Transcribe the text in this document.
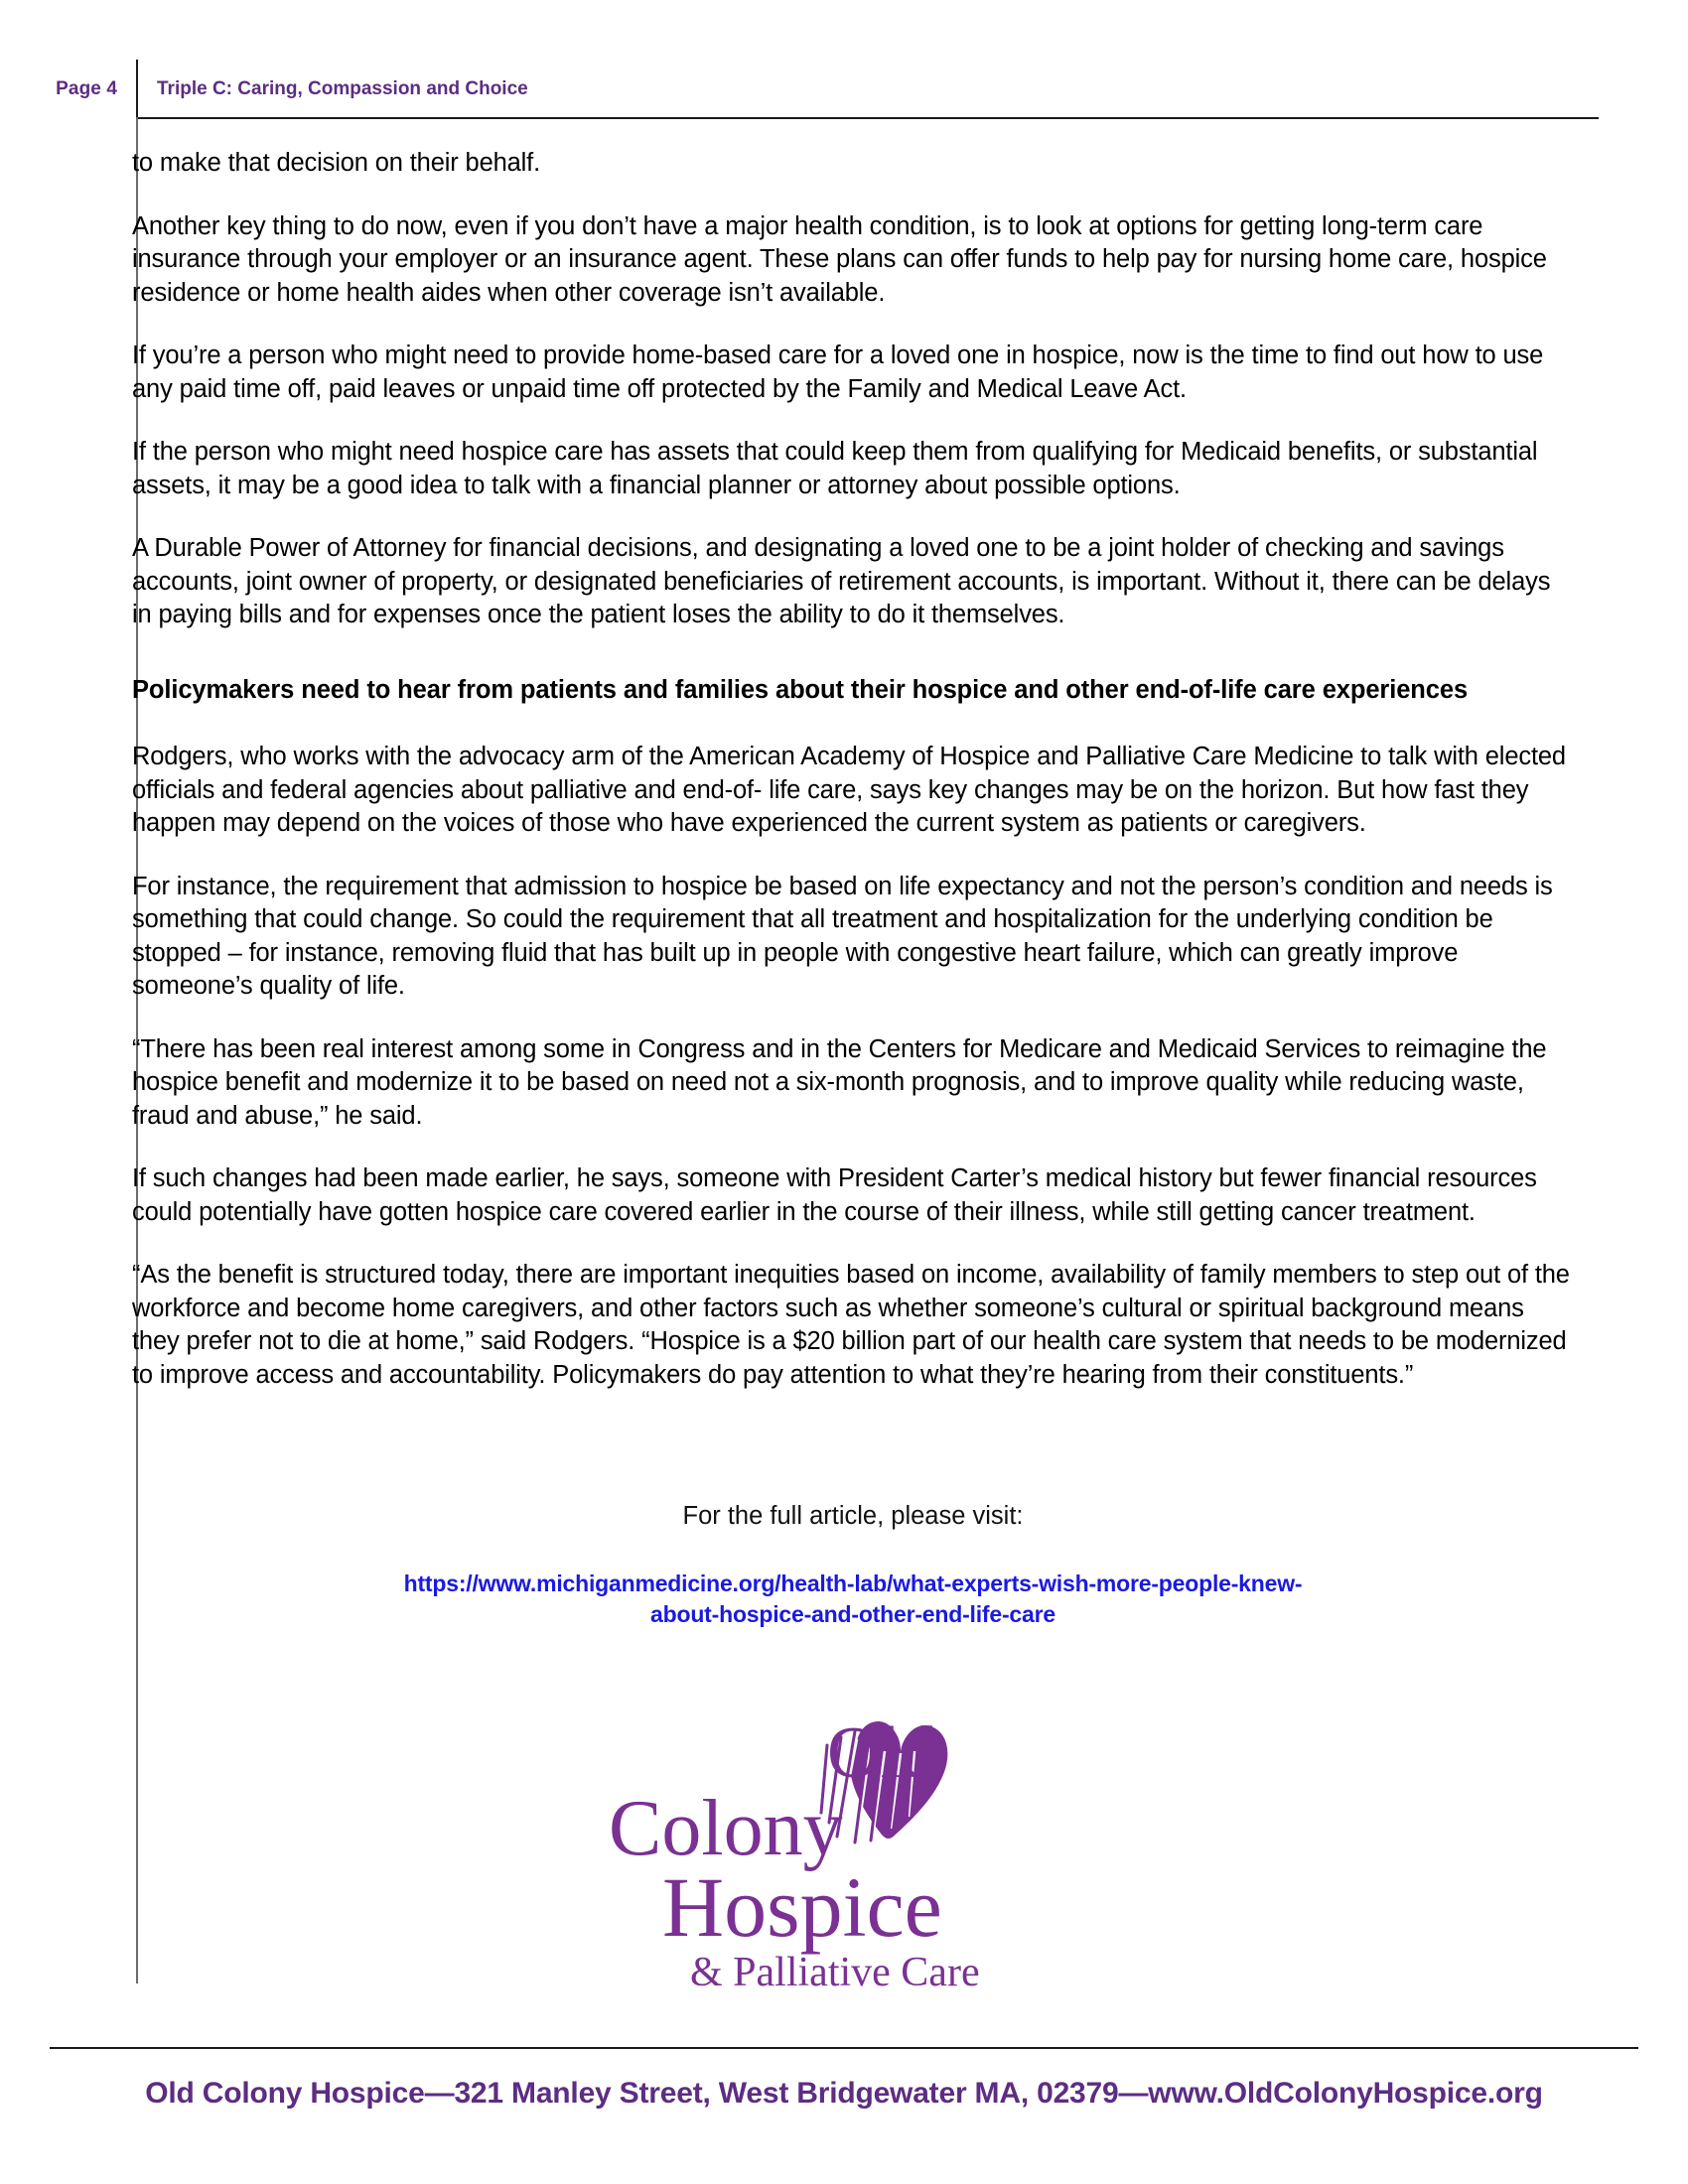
Page 4 Triple C: Caring, Compassion and Choice

to make that decision on their behalf.

Another key thing to do now, even if you don’t have a major health condition, is to look at options for getting long-term care insurance through your employer or an insurance agent. These plans can offer funds to help pay for nursing home care, hospice residence or home health aides when other coverage isn’t available.

If you’re a person who might need to provide home-based care for a loved one in hospice, now is the time to find out how to use any paid time off, paid leaves or unpaid time off protected by the Family and Medical Leave Act.

If the person who might need hospice care has assets that could keep them from qualifying for Medicaid benefits, or substantial assets, it may be a good idea to talk with a financial planner or attorney about possible options.

A Durable Power of Attorney for financial decisions, and designating a loved one to be a joint holder of checking and savings accounts, joint owner of property, or designated beneficiaries of retirement accounts, is important. Without it, there can be delays in paying bills and for expenses once the patient loses the ability to do it themselves.

Policymakers need to hear from patients and families about their hospice and other end-of-life care experiences

Rodgers, who works with the advocacy arm of the American Academy of Hospice and Palliative Care Medicine to talk with elected officials and federal agencies about palliative and end-of- life care, says key changes may be on the horizon. But how fast they happen may depend on the voices of those who have experienced the current system as patients or caregivers.

For instance, the requirement that admission to hospice be based on life expectancy and not the person’s condition and needs is something that could change. So could the requirement that all treatment and hospitalization for the underlying condition be stopped – for instance, removing fluid that has built up in people with congestive heart failure, which can greatly improve someone’s quality of life.

“There has been real interest among some in Congress and in the Centers for Medicare and Medicaid Services to reimagine the hospice benefit and modernize it to be based on need not a six-month prognosis, and to improve quality while reducing waste, fraud and abuse,” he said.

If such changes had been made earlier, he says, someone with President Carter’s medical history but fewer financial resources could potentially have gotten hospice care covered earlier in the course of their illness, while still getting cancer treatment.

“As the benefit is structured today, there are important inequities based on income, availability of family members to step out of the workforce and become home caregivers, and other factors such as whether someone’s cultural or spiritual background means they prefer not to die at home,” said Rodgers. “Hospice is a $20 billion part of our health care system that needs to be modernized to improve access and accountability. Policymakers do pay attention to what they’re hearing from their constituents.”

For the full article, please visit:
https://www.michiganmedicine.org/health-lab/what-experts-wish-more-people-knew-
about-hospice-and-other-end-life-care
Old
Colony
Hospice
& Palliative Care
Old Colony Hospice—321 Manley Street, West Bridgewater MA, 02379—www.OldColonyHospice.org
